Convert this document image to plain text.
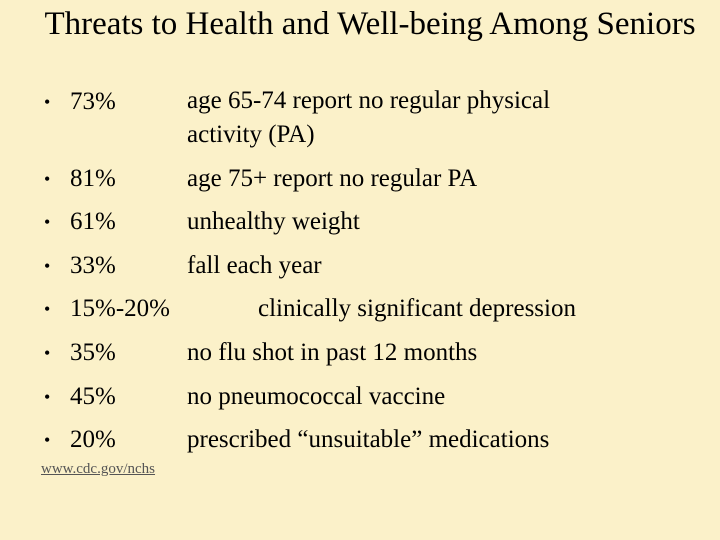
Threats to Health and Well-being Among Seniors
• 73%	age 65-74 report no regular physical
activity (PA)
• 81%	age 75+ report no regular PA
• 61%	unhealthy weight
• 33%	fall each year
• 15%-20%	clinically significant depression
• 35%	no flu shot in past 12 months
• 45%	no pneumococcal vaccine
• 20%	prescribed “unsuitable” medications
www.cdc.gov/nchs
